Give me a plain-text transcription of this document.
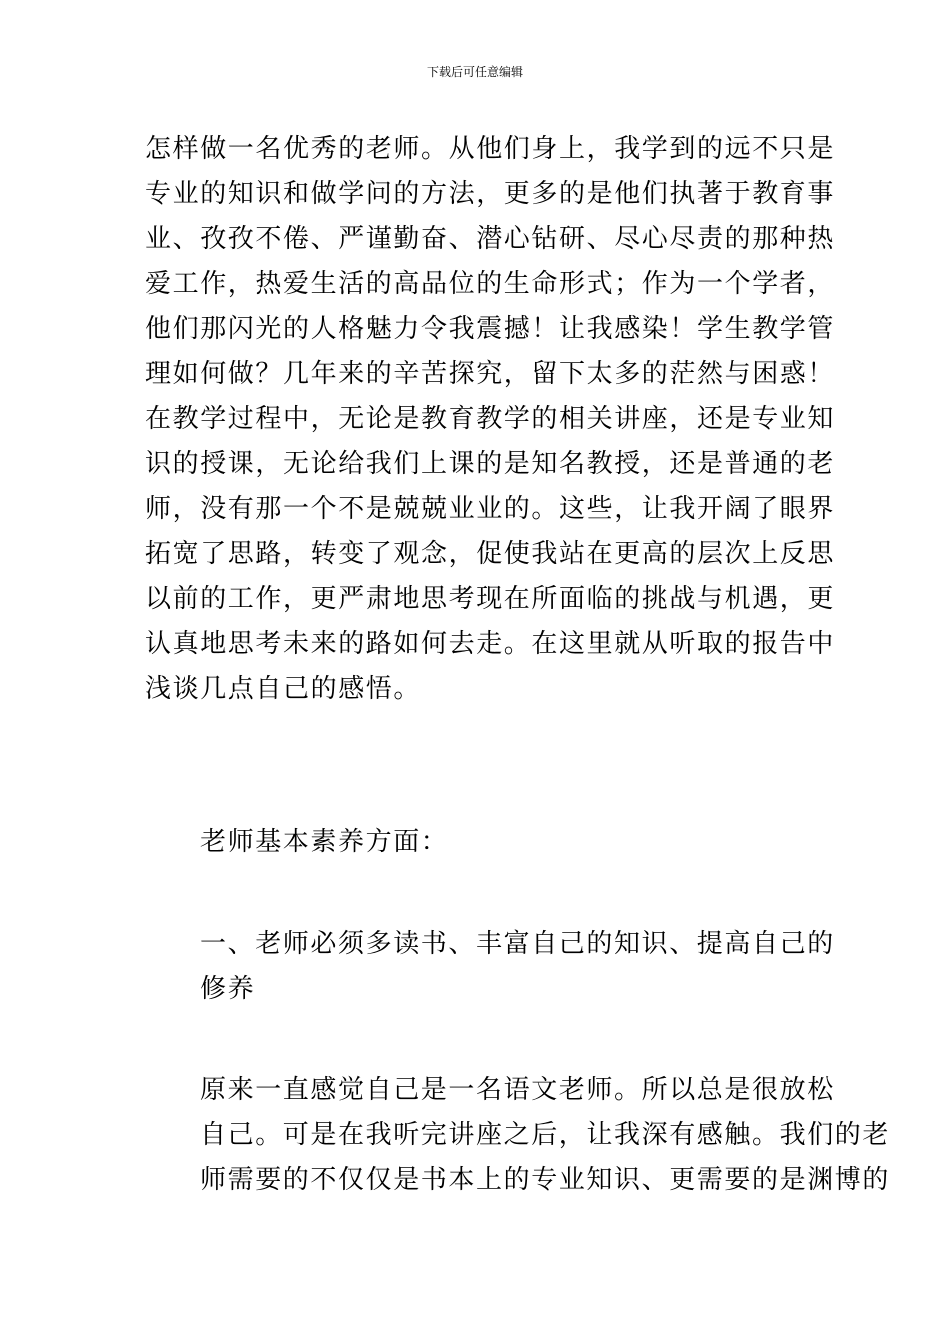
下载后可任意编辑
怎样做一名优秀的老师。从他们身上，我学到的远不只是
专业的知识和做学问的方法，更多的是他们执著于教育事
业、孜孜不倦、严谨勤奋、潜心钻研、尽心尽责的那种热
爱工作，热爱生活的高品位的生命形式；作为一个学者，
他们那闪光的人格魅力令我震撼！让我感染！学生教学管
理如何做？几年来的辛苦探究，留下太多的茫然与困惑！
在教学过程中，无论是教育教学的相关讲座，还是专业知
识的授课，无论给我们上课的是知名教授，还是普通的老
师，没有那一个不是兢兢业业的。这些，让我开阔了眼界
拓宽了思路，转变了观念，促使我站在更高的层次上反思
以前的工作，更严肃地思考现在所面临的挑战与机遇，更
认真地思考未来的路如何去走。在这里就从听取的报告中
浅谈几点自己的感悟。
老师基本素养方面：
一、老师必须多读书、丰富自己的知识、提高自己的
修养
原来一直感觉自己是一名语文老师。所以总是很放松
自己。可是在我听完讲座之后，让我深有感触。我们的老
师需要的不仅仅是书本上的专业知识、更需要的是渊博的
